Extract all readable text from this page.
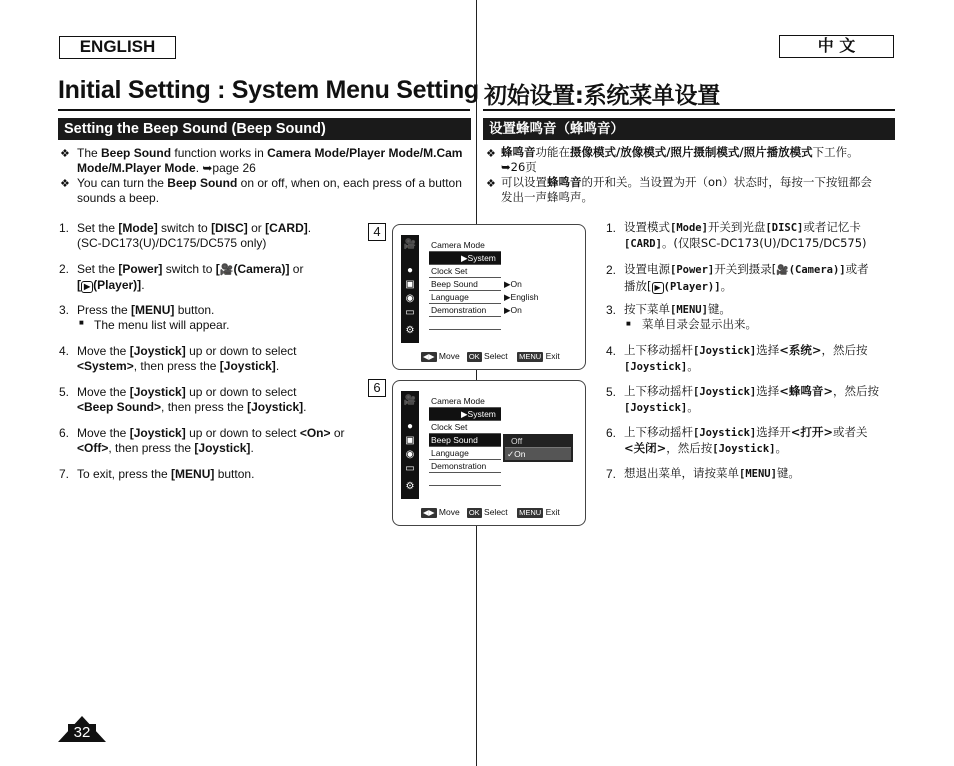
ENGLISH	中 文
Initial Setting : System Menu Setting 初始设置:系统菜单设置
Setting the Beep Sound (Beep Sound)	设置蜂鸣音（蜂鸣音）
❖ The Beep Sound function works in Camera Mode/Player Mode/M.Cam
Mode/M.Player Mode. ➥page 26
❖ You can turn the Beep Sound on or off, when on, each press of a button
sounds a beep.
❖ 蜂鸣音功能在摄像模式/放像模式/照片摄制模式/照片播放模式下工作。
➥26页
❖ 可以设置蜂鸣音的开和关。当设置为开（on）状态时，每按一下按钮都会
发出一声蜂鸣声。
1. Set the [Mode] switch to [DISC] or [CARD].
(SC-DC173(U)/DC175/DC575 only)
2. Set the [Power] switch to [🎥(Camera)] or
[ ▶ (Player)].
3. Press the [MENU] button.
■ The menu list will appear.
4. Move the [Joystick] up or down to select
<System>, then press the [Joystick].
5. Move the [Joystick] up or down to select
<Beep Sound>, then press the [Joystick].
6. Move the [Joystick] up or down to select <On> or
<Off>, then press the [Joystick].
7. To exit, press the [MENU] button.
4
🎥
●
▣
◉
▭
⚙
Camera Mode
▶System
Clock Set
Beep Sound
Language
Demonstration
▶On
▶English
▶On
◀▶ Move OK Select MENU Exit
6
🎥
●
▣
◉
▭
⚙
Camera Mode
▶System
Clock Set
Beep Sound
Language
Demonstration
Off
✓On
◀▶ Move OK Select MENU Exit
1. 设置模式[Mode]开关到光盘[DISC]或者记忆卡
[CARD]。(仅限SC-DC173(U)/DC175/DC575)
2. 设置电源[Power]开关到摄录[🎥(Camera)]或者
播放[ ▶ (Player)]。
3. 按下菜单[MENU]键。
■ 菜单目录会显示出来。
4. 上下移动摇杆[Joystick]选择<系统>，然后按
[Joystick]。
5. 上下移动摇杆[Joystick]选择<蜂鸣音>，然后按
[Joystick]。
6. 上下移动摇杆[Joystick]选择开<打开>或者关
<关闭>，然后按[Joystick]。
7. 想退出菜单，请按菜单[MENU]键。
32
